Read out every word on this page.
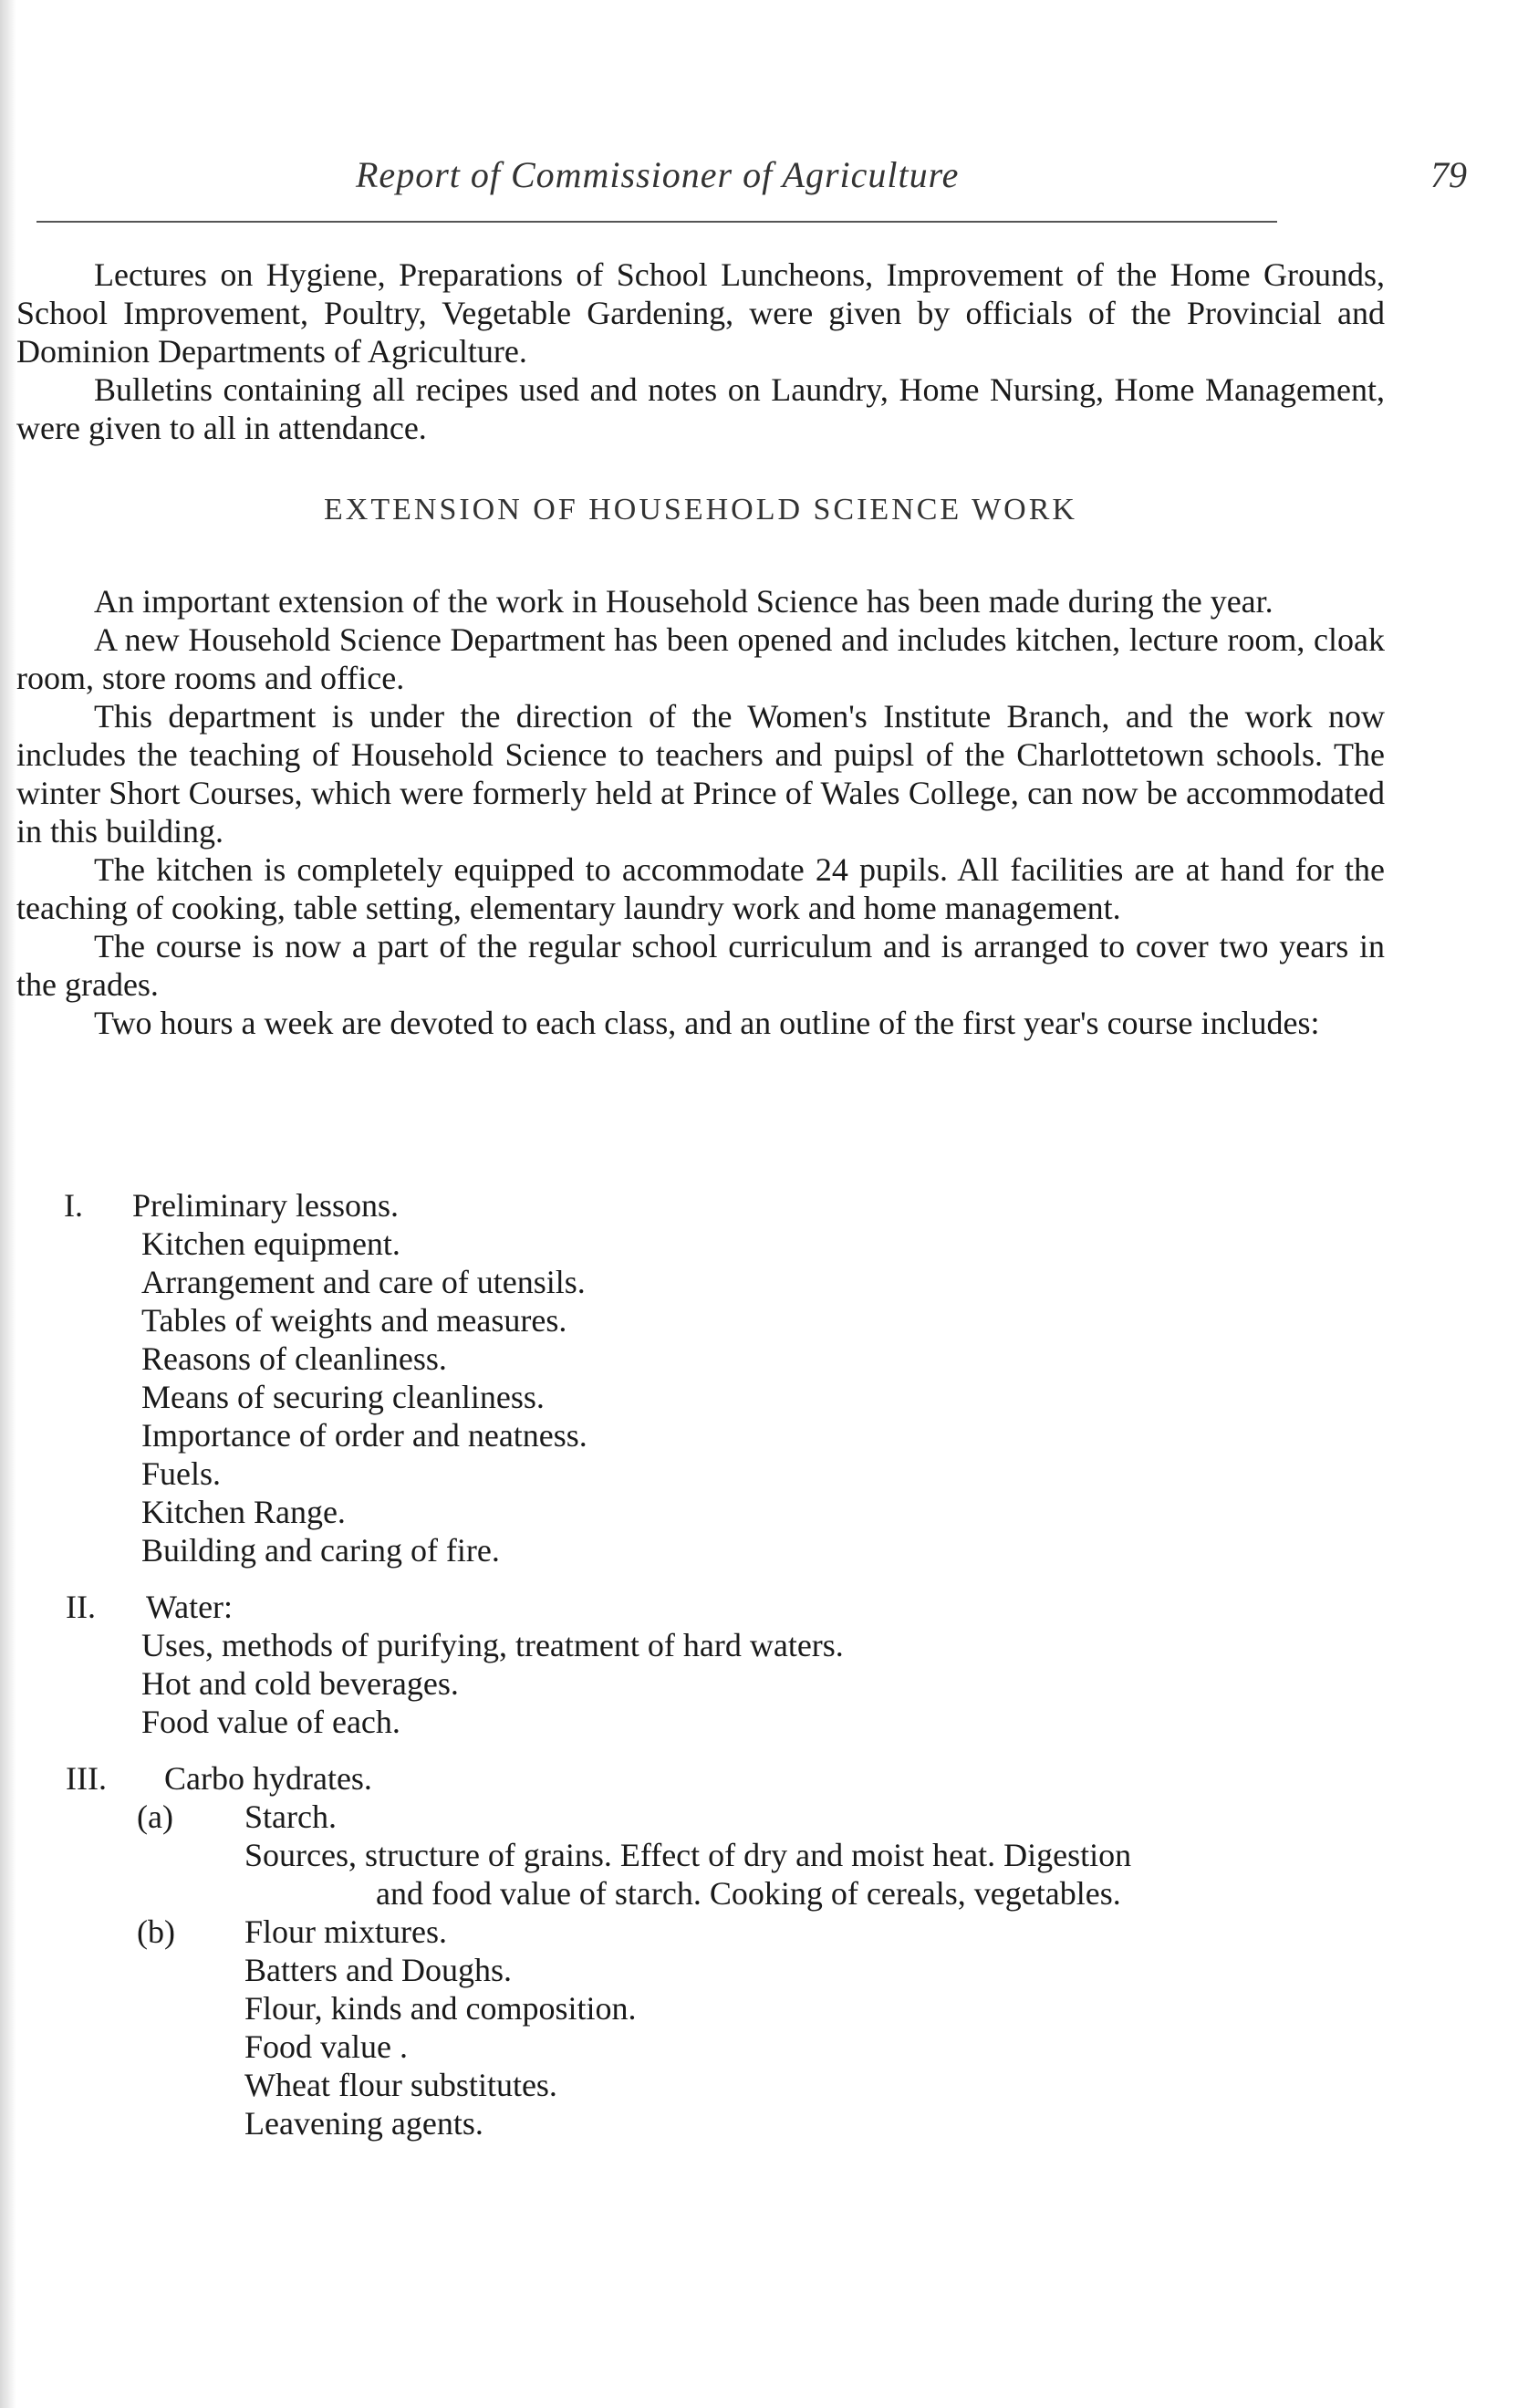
Report of Commissioner of Agriculture	79

Lectures on Hygiene, Preparations of School Luncheons, Improvement of the Home Grounds, School Improvement, Poultry, Vegetable Gardening, were given by officials of the Provincial and Dominion Departments of Agriculture.

Bulletins containing all recipes used and notes on Laundry, Home Nursing, Home Management, were given to all in attendance.

EXTENSION OF HOUSEHOLD SCIENCE WORK

An important extension of the work in Household Science has been made during the year.

A new Household Science Department has been opened and includes kitchen, lecture room, cloak room, store rooms and office.

This department is under the direction of the Women's Institute Branch, and the work now includes the teaching of Household Science to teachers and puipsl of the Charlottetown schools. The winter Short Courses, which were formerly held at Prince of Wales College, can now be accommodated in this building.

The kitchen is completely equipped to accommodate 24 pupils. All facilities are at hand for the teaching of cooking, table setting, elementary laundry work and home management.

The course is now a part of the regular school curriculum and is arranged to cover two years in the grades.

Two hours a week are devoted to each class, and an outline of the first year's course includes:

I. Preliminary lessons.
Kitchen equipment.
Arrangement and care of utensils.
Tables of weights and measures.
Reasons of cleanliness.
Means of securing cleanliness.
Importance of order and neatness.
Fuels.
Kitchen Range.
Building and caring of fire.
II. Water:
Uses, methods of purifying, treatment of hard waters.
Hot and cold beverages.
Food value of each.
III. Carbo hydrates.
(a) Starch.
Sources, structure of grains. Effect of dry and moist heat. Digestion
and food value of starch. Cooking of cereals, vegetables.
(b) Flour mixtures.
Batters and Doughs.
Flour, kinds and composition.
Food value .
Wheat flour substitutes.
Leavening agents.
